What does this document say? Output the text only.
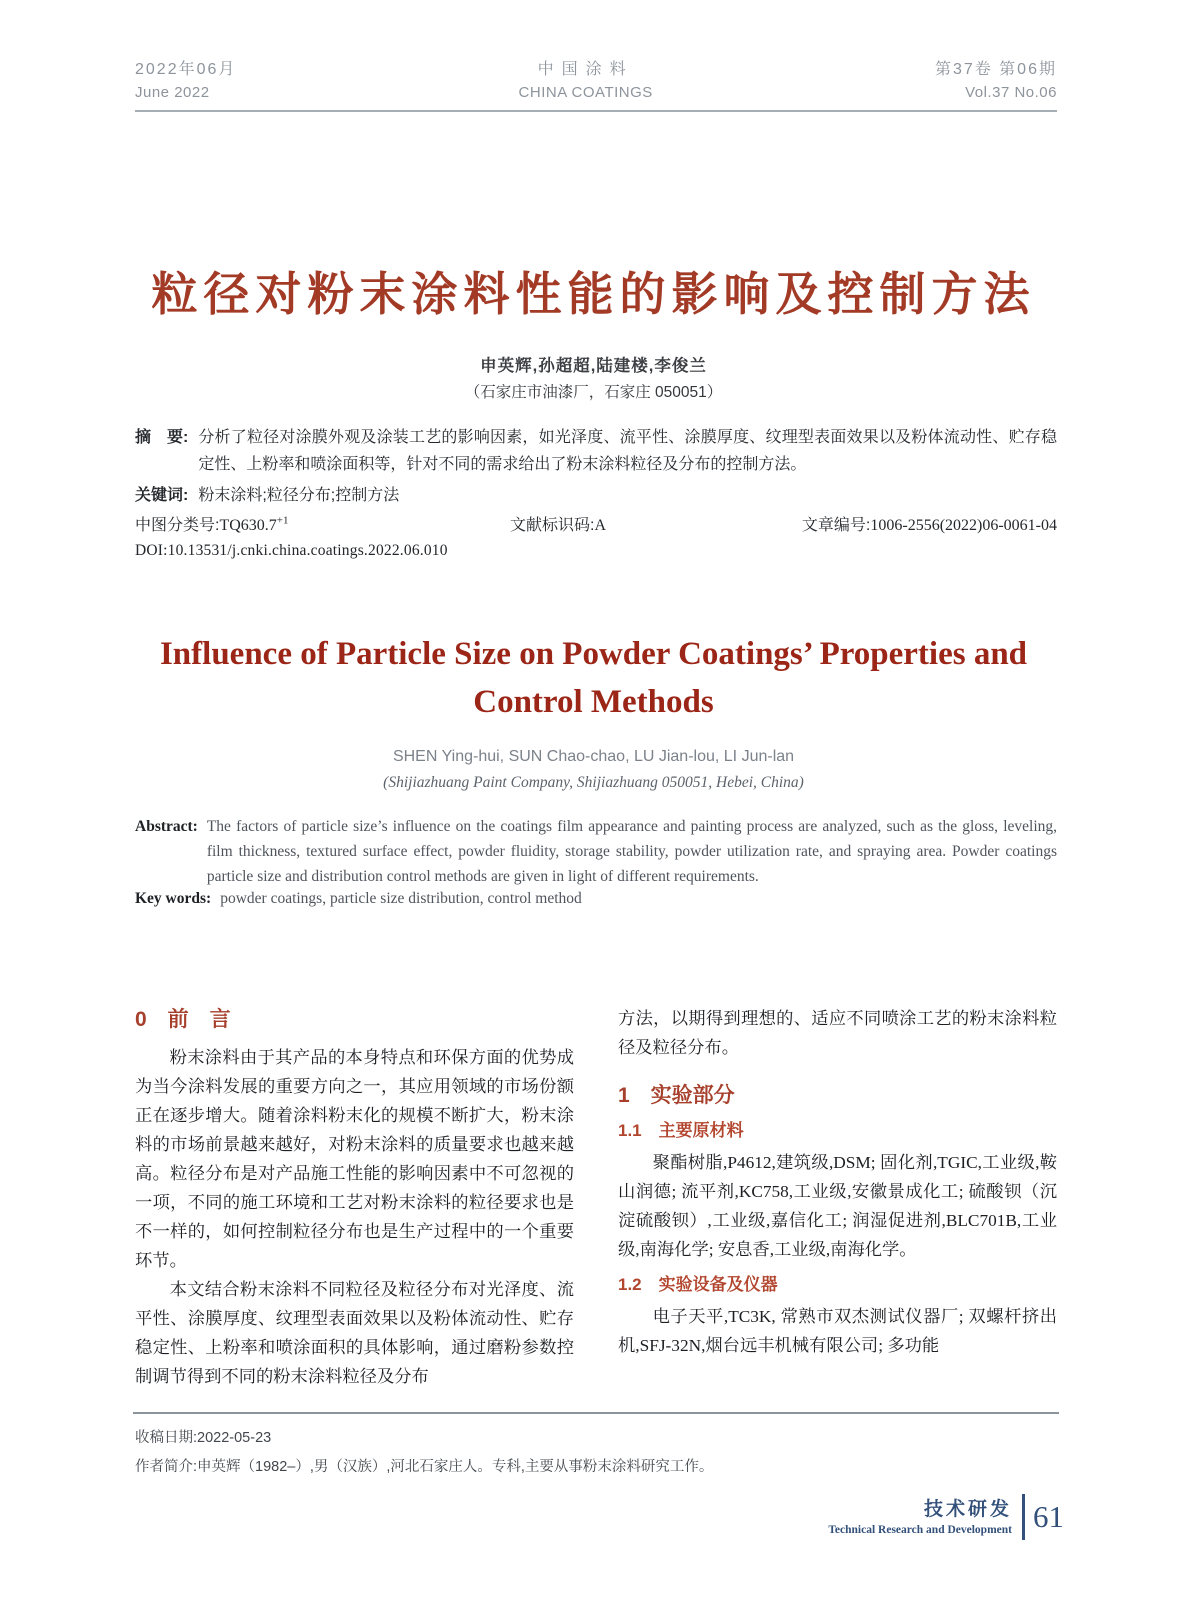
2022年06月
June 2022
中国涂料
CHINA COATINGS
第37卷 第06期
Vol.37 No.06
粒径对粉末涂料性能的影响及控制方法
申英辉,孙超超,陆建楼,李俊兰
（石家庄市油漆厂，石家庄 050051）
摘　要: 分析了粒径对涂膜外观及涂装工艺的影响因素，如光泽度、流平性、涂膜厚度、纹理型表面效果以及粉体流动性、贮存稳定性、上粉率和喷涂面积等，针对不同的需求给出了粉末涂料粒径及分布的控制方法。
关键词: 粉末涂料;粒径分布;控制方法
中图分类号$:TQ630.7^{+1}$	文献标识码:A	文章编号:1006-2556(2022)06-0061-04
DOI:10.13531/j.cnki.china.coatings.2022.06.010
Influence of Particle Size on Powder Coatings’ Properties and
Control Methods
SHEN Ying-hui, SUN Chao-chao, LU Jian-lou, LI Jun-lan
(Shijiazhuang Paint Company, Shijiazhuang 050051, Hebei, China)
Abstract: The factors of particle size’s influence on the coatings film appearance and painting process are analyzed, such as the gloss, leveling, film thickness, textured surface effect, powder fluidity, storage stability, powder utilization rate, and spraying area. Powder coatings particle size and distribution control methods are given in light of different requirements.
Key words: powder coatings, particle size distribution, control method
0　前　言

粉末涂料由于其产品的本身特点和环保方面的优势成为当今涂料发展的重要方向之一，其应用领域的市场份额正在逐步增大。随着涂料粉末化的规模不断扩大，粉末涂料的市场前景越来越好，对粉末涂料的质量要求也越来越高。粒径分布是对产品施工性能的影响因素中不可忽视的一项，不同的施工环境和工艺对粉末涂料的粒径要求也是不一样的，如何控制粒径分布也是生产过程中的一个重要环节。

本文结合粉末涂料不同粒径及粒径分布对光泽度、流平性、涂膜厚度、纹理型表面效果以及粉体流动性、贮存稳定性、上粉率和喷涂面积的具体影响，通过磨粉参数控制调节得到不同的粉末涂料粒径及分布

方法，以期得到理想的、适应不同喷涂工艺的粉末涂料粒径及粒径分布。

1　实验部分
1.1　主要原材料

聚酯树脂,P4612,建筑级,DSM; 固化剂,TGIC,工业级,鞍山润德; 流平剂,KC758,工业级,安徽景成化工; 硫酸钡（沉淀硫酸钡）,工业级,嘉信化工; 润湿促进剂,BLC701B,工业级,南海化学; 安息香,工业级,南海化学。

1.2　实验设备及仪器

电子天平,TC3K, 常熟市双杰测试仪器厂; 双螺杆挤出机,SFJ-32N,烟台远丰机械有限公司; 多功能

收稿日期:2022-05-23
作者简介:申英辉（1982–）,男（汉族）,河北石家庄人。专科,主要从事粉末涂料研究工作。
技术研发
Technical Research and Development 61
